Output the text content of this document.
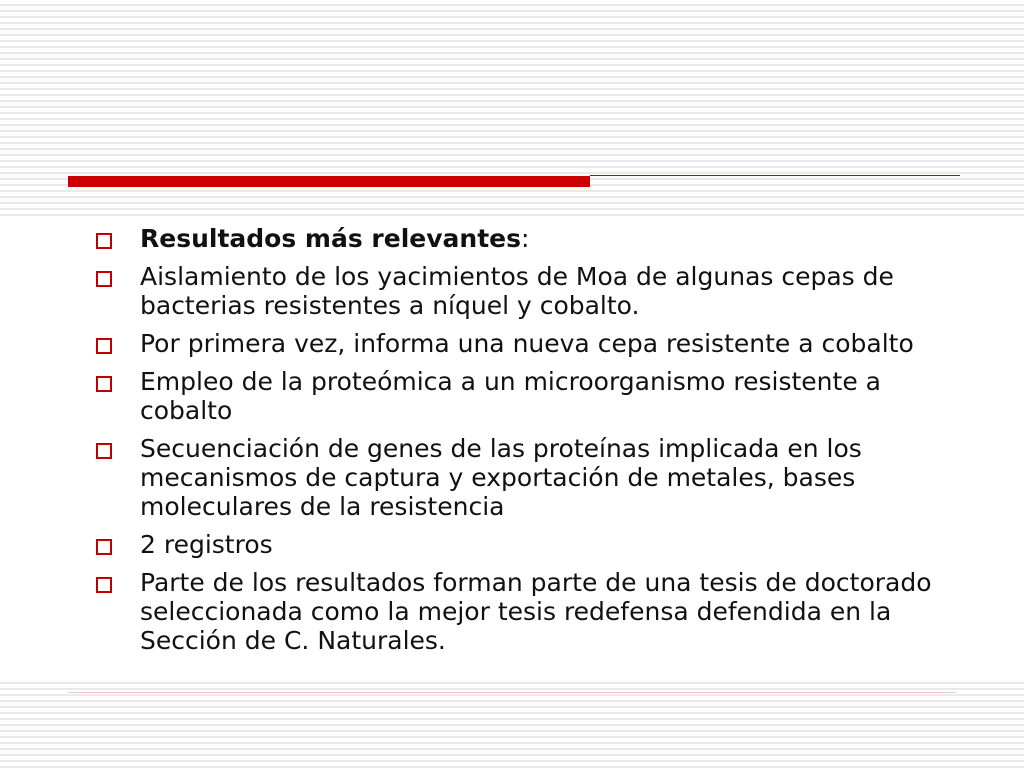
Resultados más relevantes:
Aislamiento de los yacimientos de Moa de algunas cepas de bacterias resistentes a níquel y cobalto.
Por primera vez, informa una nueva cepa resistente a cobalto
Empleo de la proteómica a un microorganismo resistente a cobalto
Secuenciación de genes de las proteínas implicada en los mecanismos de captura y exportación de metales, bases moleculares de la resistencia
2 registros
Parte de los resultados forman parte de una tesis de doctorado seleccionada como la mejor tesis redefensa defendida en la Sección de C. Naturales.
